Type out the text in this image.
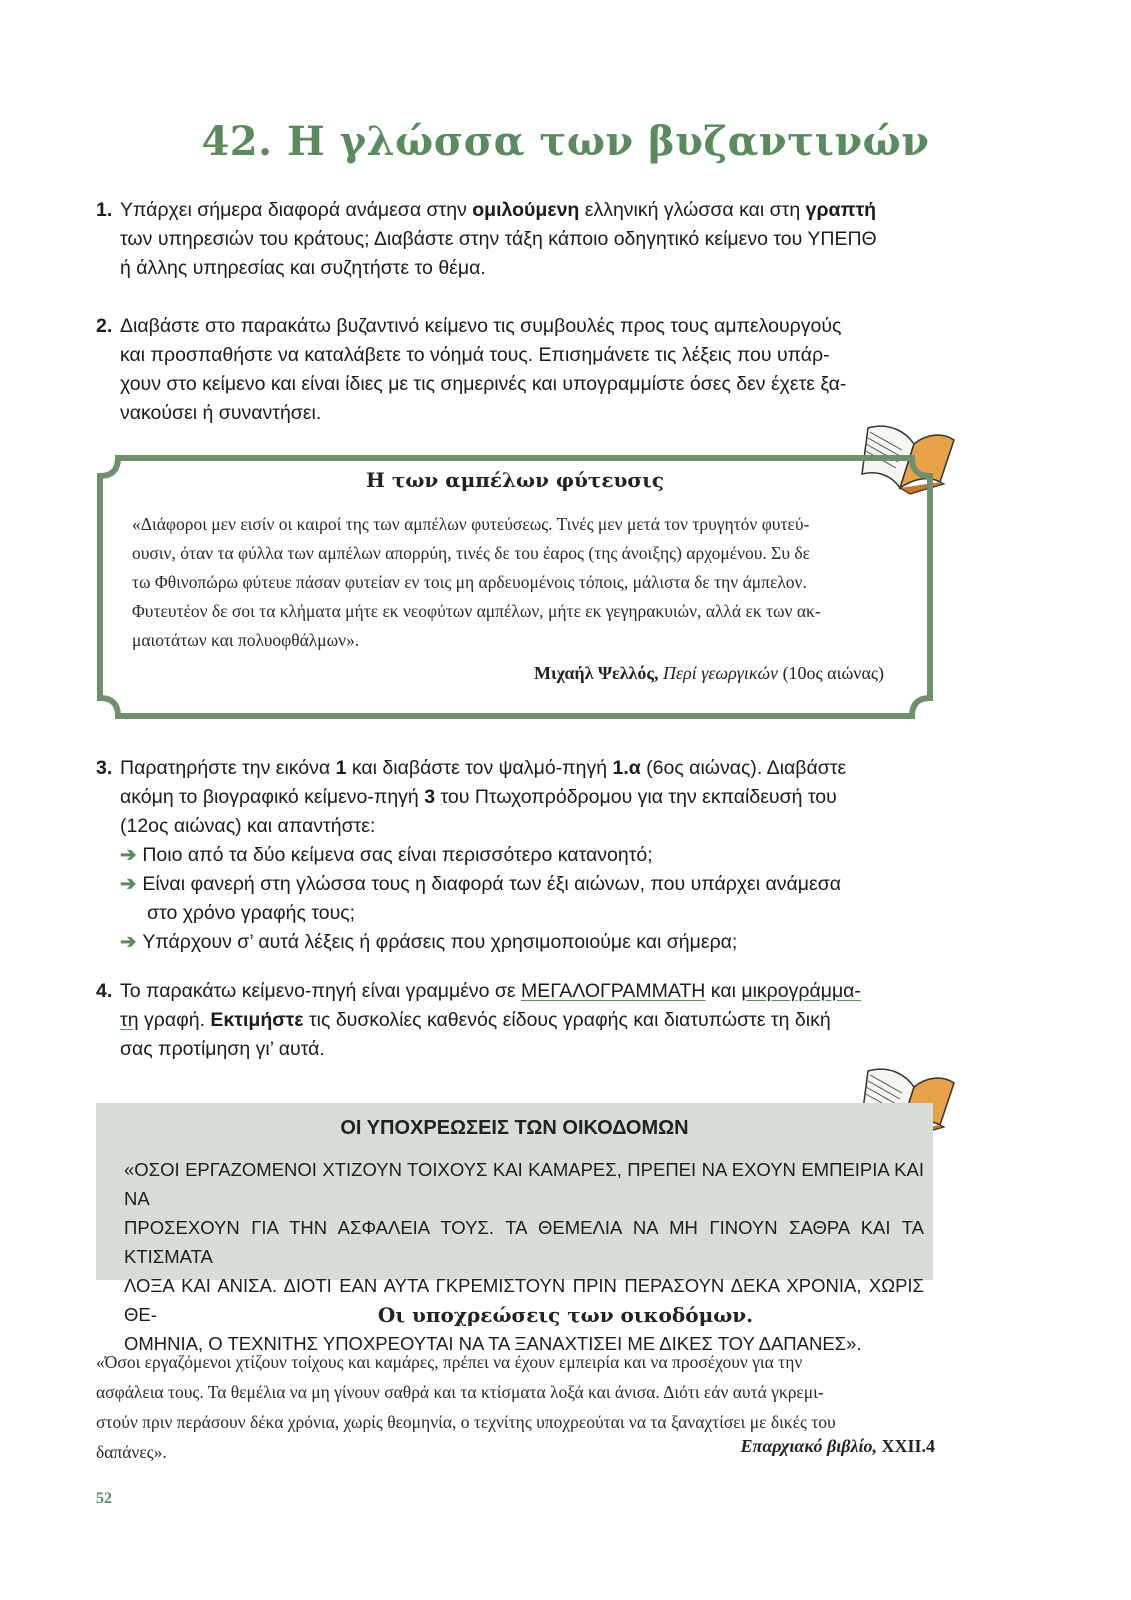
42. Η γλώσσα των βυζαντινών
1. Υπάρχει σήμερα διαφορά ανάμεσα στην ομιλούμενη ελληνική γλώσσα και στη γραπτή
των υπηρεσιών του κράτους; Διαβάστε στην τάξη κάποιο οδηγητικό κείμενο του ΥΠΕΠΘ
ή άλλης υπηρεσίας και συζητήστε το θέμα.
2. Διαβάστε στο παρακάτω βυζαντινό κείμενο τις συμβουλές προς τους αμπελουργούς
και προσπαθήστε να καταλάβετε το νόημά τους. Επισημάνετε τις λέξεις που υπάρ-
χουν στο κείμενο και είναι ίδιες με τις σημερινές και υπογραμμίστε όσες δεν έχετε ξα-
νακούσει ή συναντήσει.
Η των αμπέλων φύτευσις
«Διάφοροι μεν εισίν οι καιροί της των αμπέλων φυτεύσεως. Τινές μεν μετά τον τρυγητόν φυτεύ-
ουσιν, όταν τα φύλλα των αμπέλων απορρύη, τινές δε του έαρος (της άνοιξης) αρχομένου. Συ δε
τω Φθινοπώρω φύτευε πάσαν φυτείαν εν τοις μη αρδευομένοις τόποις, μάλιστα δε την άμπελον.
Φυτευτέον δε σοι τα κλήματα μήτε εκ νεοφύτων αμπέλων, μήτε εκ γεγηρακυιών, αλλά εκ των ακ-
μαιοτάτων και πολυοφθάλμων».
Μιχαήλ Ψελλός, Περί γεωργικών (10ος αιώνας)
3. Παρατηρήστε την εικόνα 1 και διαβάστε τον ψαλμό-πηγή 1.α (6ος αιώνας). Διαβάστε
ακόμη το βιογραφικό κείμενο-πηγή 3 του Πτωχοπρόδρομου για την εκπαίδευσή του
(12ος αιώνας) και απαντήστε:
➔ Ποιο από τα δύο κείμενα σας είναι περισσότερο κατανοητό;
➔ Είναι φανερή στη γλώσσα τους η διαφορά των έξι αιώνων, που υπάρχει ανάμεσα
στο χρόνο γραφής τους;
➔ Υπάρχουν σ’ αυτά λέξεις ή φράσεις που χρησιμοποιούμε και σήμερα;
4. Το παρακάτω κείμενο-πηγή είναι γραμμένο σε ΜΕΓΑΛΟΓΡΑΜΜΑΤΗ και μικρογράμμα-
τη γραφή. Εκτιμήστε τις δυσκολίες καθενός είδους γραφής και διατυπώστε τη δική
σας προτίμηση γι’ αυτά.
ΟΙ ΥΠΟΧΡΕΩΣΕΙΣ ΤΩΝ ΟΙΚΟΔΟΜΩΝ
«ΟΣΟΙ ΕΡΓΑΖΟΜΕΝΟΙ ΧΤΙΖΟΥΝ ΤΟΙΧΟΥΣ ΚΑΙ ΚΑΜΑΡΕΣ, ΠΡΕΠΕΙ ΝΑ ΕΧΟΥΝ ΕΜΠΕΙΡΙΑ ΚΑΙ ΝΑ
ΠΡΟΣΕΧΟΥΝ ΓΙΑ ΤΗΝ ΑΣΦΑΛΕΙΑ ΤΟΥΣ. ΤΑ ΘΕΜΕΛΙΑ ΝΑ ΜΗ ΓΙΝΟΥΝ ΣΑΘΡΑ ΚΑΙ ΤΑ ΚΤΙΣΜΑΤΑ
ΛΟΞΑ ΚΑΙ ΑΝΙΣΑ. ΔΙΟΤΙ ΕΑΝ ΑΥΤΑ ΓΚΡΕΜΙΣΤΟΥΝ ΠΡΙΝ ΠΕΡΑΣΟΥΝ ΔΕΚΑ ΧΡΟΝΙΑ, ΧΩΡΙΣ ΘΕ-
ΟΜΗΝΙΑ, Ο ΤΕΧΝΙΤΗΣ ΥΠΟΧΡΕΟΥΤΑΙ ΝΑ ΤΑ ΞΑΝΑΧΤΙΣΕΙ ΜΕ ΔΙΚΕΣ ΤΟΥ ΔΑΠΑΝΕΣ».
Οι υποχρεώσεις των οικοδόμων.
«Όσοι εργαζόμενοι χτίζουν τοίχους και καμάρες, πρέπει να έχουν εμπειρία και να προσέχουν για την
ασφάλεια τους. Τα θεμέλια να μη γίνουν σαθρά και τα κτίσματα λοξά και άνισα. Διότι εάν αυτά γκρεμι-
στούν πριν περάσουν δέκα χρόνια, χωρίς θεομηνία, ο τεχνίτης υποχρεούται να τα ξαναχτίσει με δικές του
δαπάνες».	Επαρχιακό βιβλίο, XXII.4
52
